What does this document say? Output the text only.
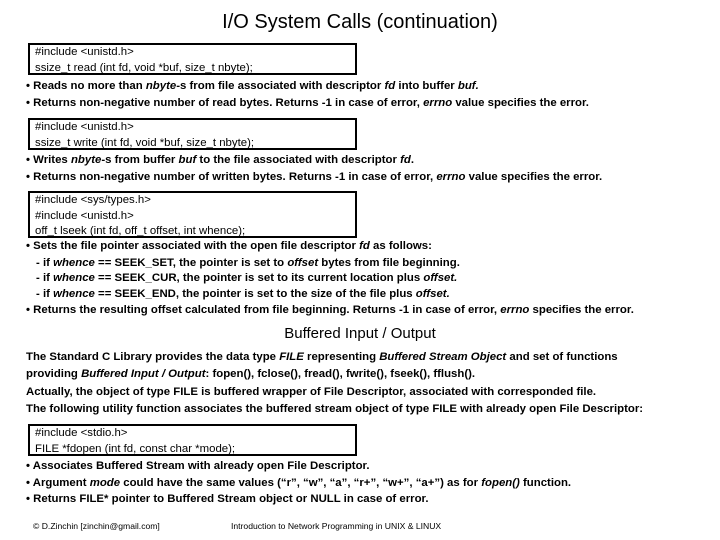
I/O System Calls (continuation)
#include <unistd.h>
ssize_t read (int fd, void *buf, size_t nbyte);
• Reads no more than nbyte-s from file associated with descriptor fd into buffer buf.
• Returns non-negative number of read bytes. Returns -1 in case of error, errno value specifies the error.
#include <unistd.h>
ssize_t write (int fd, void *buf, size_t nbyte);
• Writes nbyte-s from buffer buf to the file associated with descriptor fd.
• Returns non-negative number of written bytes. Returns -1 in case of error, errno value specifies the error.
#include <sys/types.h>
#include <unistd.h>
off_t lseek (int fd, off_t offset, int whence);
• Sets the file pointer associated with the open file descriptor fd as follows:
- if whence == SEEK_SET, the pointer is set to offset bytes from file beginning.
- if whence == SEEK_CUR, the pointer is set to its current location plus offset.
- if whence == SEEK_END, the pointer is set to the size of the file plus offset.
• Returns the resulting offset calculated from file beginning. Returns -1 in case of error, errno specifies the error.
Buffered Input / Output
The Standard C Library provides the data type FILE representing Buffered Stream Object and set of functions
providing Buffered Input / Output: fopen(), fclose(), fread(), fwrite(), fseek(), fflush().
Actually, the object of type FILE is buffered wrapper of File Descriptor, associated with corresponded file.
The following utility function associates the buffered stream object of type FILE with already open File Descriptor:
#include <stdio.h>
FILE *fdopen (int fd, const char *mode);
• Associates Buffered Stream with already open File Descriptor.
• Argument mode could have the same values (“r”, “w”, “a”, “r+”, “w+”, “a+”) as for fopen() function.
• Returns FILE* pointer to Buffered Stream object or NULL in case of error.
© D.Zinchin [zinchin@gmail.com]	Introduction to Network Programming in UNIX & LINUX
